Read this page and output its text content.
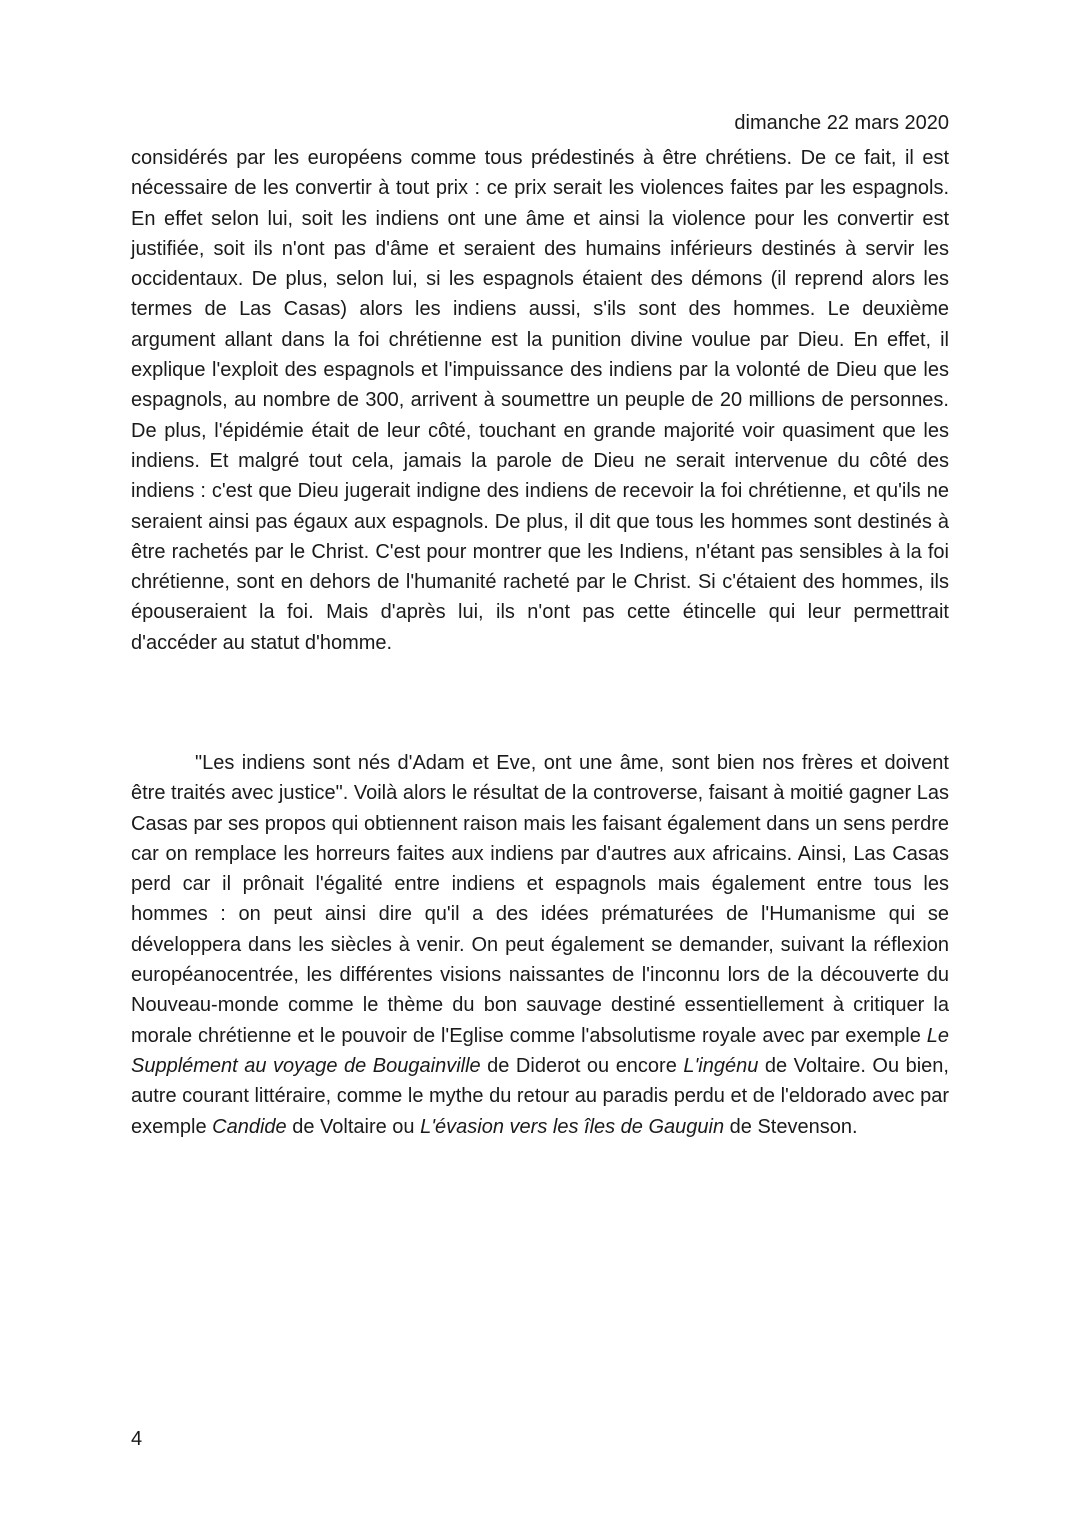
dimanche 22 mars 2020

considérés par les européens comme tous prédestinés à être chrétiens. De ce fait, il est nécessaire de les convertir à tout prix : ce prix serait les violences faites par les espagnols. En effet selon lui, soit les indiens ont une âme et ainsi la violence pour les convertir est justifiée, soit ils n'ont pas d'âme et seraient des humains inférieurs destinés à servir les occidentaux. De plus, selon lui, si les espagnols étaient des démons (il reprend alors les termes de Las Casas) alors les indiens aussi, s'ils sont des hommes. Le deuxième argument allant dans la foi chrétienne est la punition divine voulue par Dieu. En effet, il explique l'exploit des espagnols et l'impuissance des indiens par la volonté de Dieu que les espagnols, au nombre de 300, arrivent à soumettre un peuple de 20 millions de personnes. De plus, l'épidémie était de leur côté, touchant en grande majorité voir quasiment que les indiens. Et malgré tout cela, jamais la parole de Dieu ne serait intervenue du côté des indiens : c'est que Dieu jugerait indigne des indiens de recevoir la foi chrétienne, et qu'ils ne seraient ainsi pas égaux aux espagnols. De plus, il dit que tous les hommes sont destinés à être rachetés par le Christ. C'est pour montrer que les Indiens, n'étant pas sensibles à la foi chrétienne, sont en dehors de l'humanité racheté par le Christ. Si c'étaient des hommes, ils épouseraient la foi. Mais d'après lui, ils n'ont pas cette étincelle qui leur permettrait d'accéder au statut d'homme.

"Les indiens sont nés d'Adam et Eve, ont une âme, sont bien nos frères et doivent être traités avec justice". Voilà alors le résultat de la controverse, faisant à moitié gagner Las Casas par ses propos qui obtiennent raison mais les faisant également dans un sens perdre car on remplace les horreurs faites aux indiens par d'autres aux africains. Ainsi, Las Casas perd car il prônait l'égalité entre indiens et espagnols mais également entre tous les hommes : on peut ainsi dire qu'il a des idées prématurées de l'Humanisme qui se développera dans les siècles à venir. On peut également se demander, suivant la réflexion européanocentrée, les différentes visions naissantes de l'inconnu lors de la découverte du Nouveau-monde comme le thème du bon sauvage destiné essentiellement à critiquer la morale chrétienne et le pouvoir de l'Eglise comme l'absolutisme royale avec par exemple Le Supplément au voyage de Bougainville de Diderot ou encore L'ingénu de Voltaire. Ou bien, autre courant littéraire, comme le mythe du retour au paradis perdu et de l'eldorado avec par exemple Candide de Voltaire ou L'évasion vers les îles de Gauguin de Stevenson.

4
